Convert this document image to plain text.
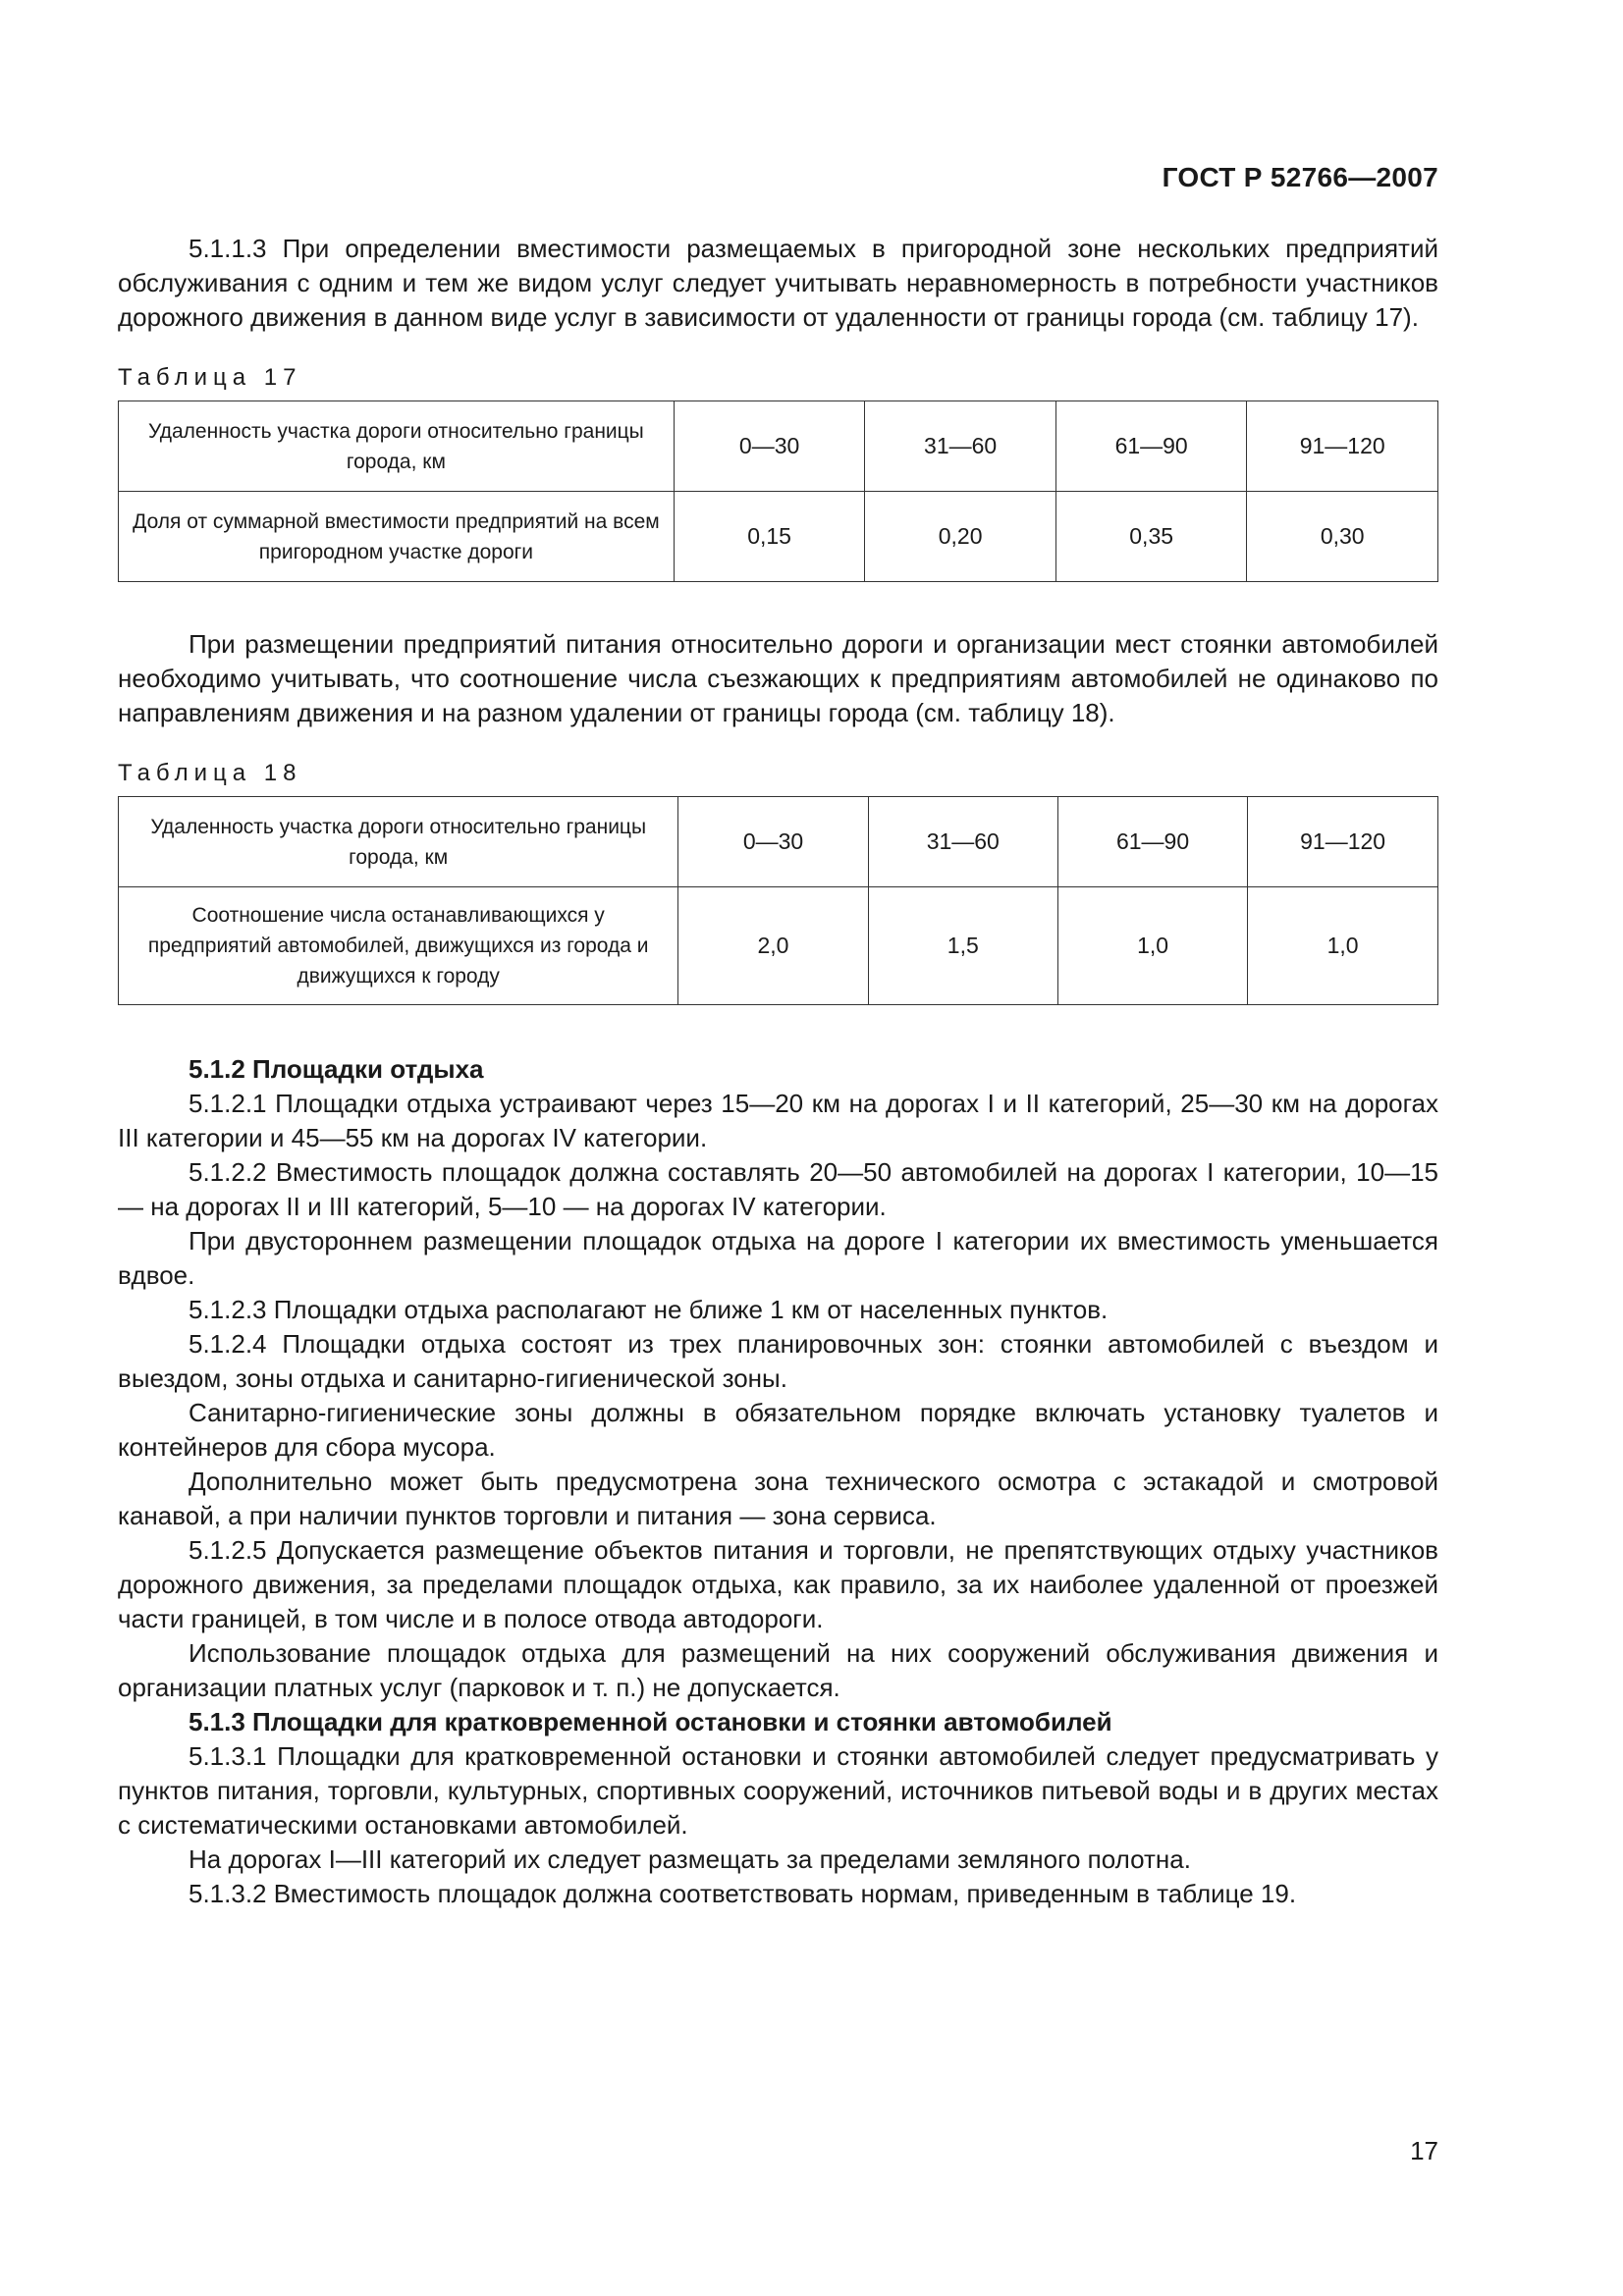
ГОСТ Р 52766—2007

5.1.1.3 При определении вместимости размещаемых в пригородной зоне нескольких предприятий обслуживания с одним и тем же видом услуг следует учитывать неравномерность в потребности участников дорожного движения в данном виде услуг в зависимости от удаленности от границы города (см. таблицу 17).

Таблица 17

Удаленность участка дороги относительно границы города, км	0—30	31—60	61—90	91—120
Доля от суммарной вместимости предприятий на всем пригородном участке дороги	0,15	0,20	0,35	0,30

При размещении предприятий питания относительно дороги и организации мест стоянки автомобилей необходимо учитывать, что соотношение числа съезжающих к предприятиям автомобилей не одинаково по направлениям движения и на разном удалении от границы города (см. таблицу 18).

Таблица 18

Удаленность участка дороги относительно границы города, км	0—30	31—60	61—90	91—120
Соотношение числа останавливающихся у предприятий автомобилей, движущихся из города и движущихся к городу	2,0	1,5	1,0	1,0

5.1.2 Площадки отдыха

5.1.2.1 Площадки отдыха устраивают через 15—20 км на дорогах I и II категорий, 25—30 км на дорогах III категории и 45—55 км на дорогах IV категории.

5.1.2.2 Вместимость площадок должна составлять 20—50 автомобилей на дорогах I категории, 10—15 — на дорогах II и III категорий, 5—10 — на дорогах IV категории.

При двустороннем размещении площадок отдыха на дороге I категории их вместимость уменьшается вдвое.

5.1.2.3 Площадки отдыха располагают не ближе 1 км от населенных пунктов.

5.1.2.4 Площадки отдыха состоят из трех планировочных зон: стоянки автомобилей с въездом и выездом, зоны отдыха и санитарно-гигиенической зоны.

Санитарно-гигиенические зоны должны в обязательном порядке включать установку туалетов и контейнеров для сбора мусора.

Дополнительно может быть предусмотрена зона технического осмотра с эстакадой и смотровой канавой, а при наличии пунктов торговли и питания — зона сервиса.

5.1.2.5 Допускается размещение объектов питания и торговли, не препятствующих отдыху участников дорожного движения, за пределами площадок отдыха, как правило, за их наиболее удаленной от проезжей части границей, в том числе и в полосе отвода автодороги.

Использование площадок отдыха для размещений на них сооружений обслуживания движения и организации платных услуг (парковок и т. п.) не допускается.

5.1.3 Площадки для кратковременной остановки и стоянки автомобилей

5.1.3.1 Площадки для кратковременной остановки и стоянки автомобилей следует предусматривать у пунктов питания, торговли, культурных, спортивных сооружений, источников питьевой воды и в других местах с систематическими остановками автомобилей.

На дорогах I—III категорий их следует размещать за пределами земляного полотна.

5.1.3.2 Вместимость площадок должна соответствовать нормам, приведенным в таблице 19.

17
